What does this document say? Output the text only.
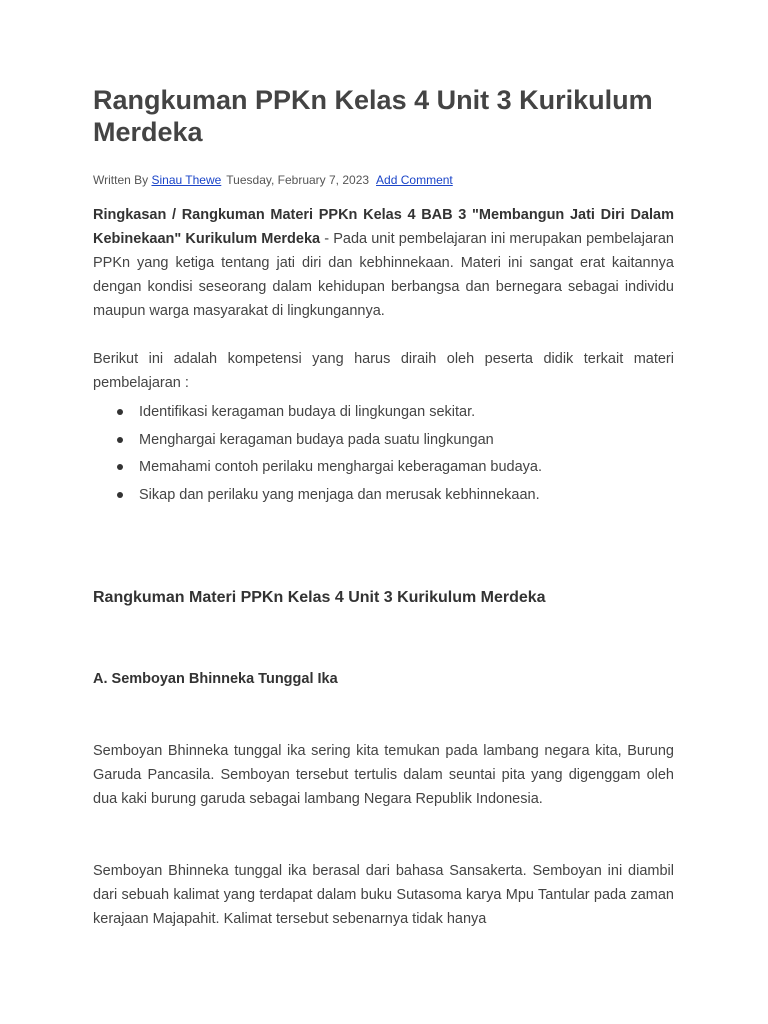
Rangkuman PPKn Kelas 4 Unit 3 Kurikulum Merdeka
Written By Sinau Thewe Tuesday, February 7, 2023 Add Comment

Ringkasan / Rangkuman Materi PPKn Kelas 4 BAB 3 "Membangun Jati Diri Dalam Kebinekaan" Kurikulum Merdeka - Pada unit pembelajaran ini merupakan pembelajaran PPKn yang ketiga tentang jati diri dan kebhinnekaan. Materi ini sangat erat kaitannya dengan kondisi seseorang dalam kehidupan berbangsa dan bernegara sebagai individu maupun warga masyarakat di lingkungannya.

Berikut ini adalah kompetensi yang harus diraih oleh peserta didik terkait materi pembelajaran :

Identifikasi keragaman budaya di lingkungan sekitar.
Menghargai keragaman budaya pada suatu lingkungan
Memahami contoh perilaku menghargai keberagaman budaya.
Sikap dan perilaku yang menjaga dan merusak kebhinnekaan.
Rangkuman Materi PPKn Kelas 4 Unit 3 Kurikulum Merdeka
A. Semboyan Bhinneka Tunggal Ika

Semboyan Bhinneka tunggal ika sering kita temukan pada lambang negara kita, Burung Garuda Pancasila. Semboyan tersebut tertulis dalam seuntai pita yang digenggam oleh dua kaki burung garuda sebagai lambang Negara Republik Indonesia.

Semboyan Bhinneka tunggal ika berasal dari bahasa Sansakerta. Semboyan ini diambil dari sebuah kalimat yang terdapat dalam buku Sutasoma karya Mpu Tantular pada zaman kerajaan Majapahit. Kalimat tersebut sebenarnya tidak hanya
